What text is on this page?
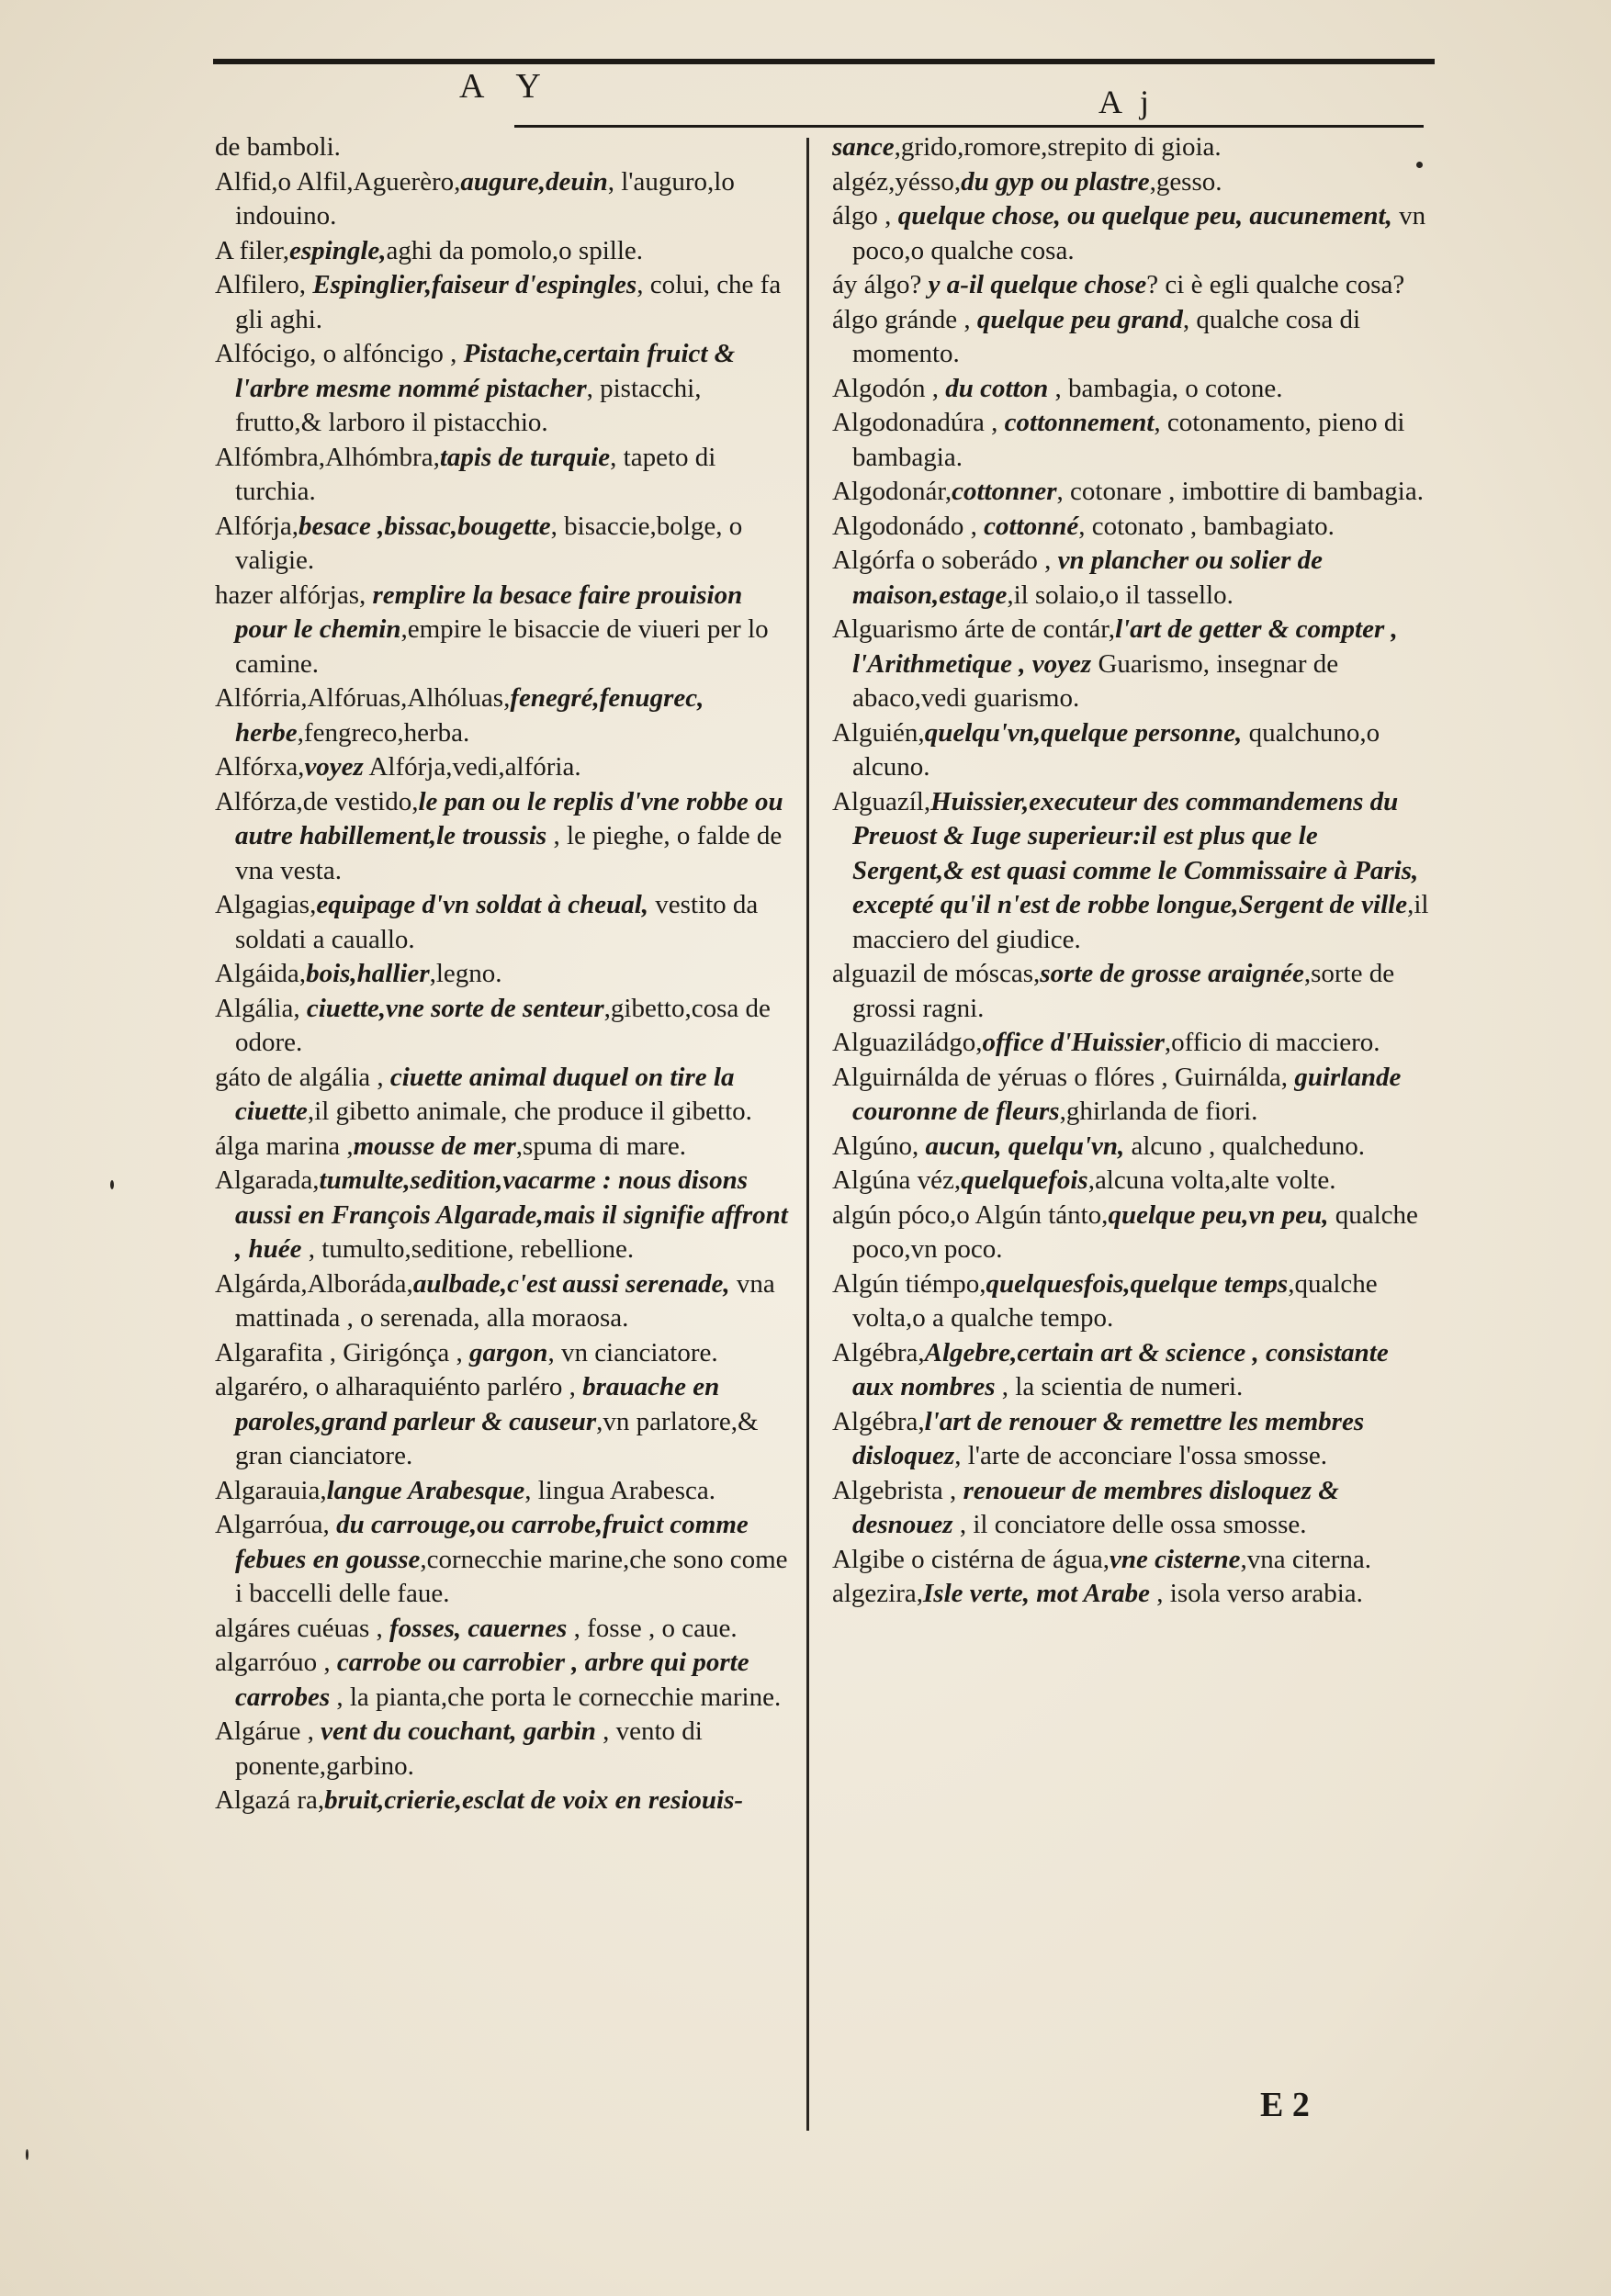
A Y	A j

de bamboli.

Alfid,o Alfil,Aguerèro,augure,deuin, l'auguro,lo indouino.

A filer,espingle,aghi da pomolo,o spille.

Alfilero, Espinglier,faiseur d'espingles, colui, che fa gli aghi.

Alfócigo, o alfóncigo , Pistache,certain fruict & l'arbre mesme nommé pistacher, pistacchi, frutto,& larboro il pistacchio.

Alfómbra,Alhómbra,tapis de turquie, tapeto di turchia.

Alfórja,besace ,bissac,bougette, bisaccie,bolge, o valigie.

hazer alfórjas, remplire la besace faire prouision pour le chemin,empire le bisaccie de viueri per lo camine.

Alfórria,Alfóruas,Alhóluas,fenegré,fenugrec, herbe,fengreco,herba.

Alfórxa,voyez Alfórja,vedi,alfória.

Alfórza,de vestido,le pan ou le replis d'vne robbe ou autre habillement,le troussis , le pieghe, o falde de vna vesta.

Algagias,equipage d'vn soldat à cheual, vestito da soldati a cauallo.

Algáida,bois,hallier,legno.

Algália, ciuette,vne sorte de senteur,gibetto,cosa de odore.

gáto de algália , ciuette animal duquel on tire la ciuette,il gibetto animale, che produce il gibetto.

álga marina ,mousse de mer,spuma di mare.

Algarada,tumulte,sedition,vacarme : nous disons aussi en François Algarade,mais il signifie affront , huée , tumulto,seditione, rebellione.

Algárda,Alboráda,aulbade,c'est aussi serenade, vna mattinada , o serenada, alla moraosa.

Algarafita , Girigónça , gargon, vn cianciatore.

algaréro, o alharaquiénto parléro , brauache en paroles,grand parleur & causeur,vn parlatore,& gran cianciatore.

Algarauia,langue Arabesque, lingua Arabesca.

Algarróua, du carrouge,ou carrobe,fruict comme febues en gousse,cornecchie marine,che sono come i baccelli delle faue.

algáres cuéuas , fosses, cauernes , fosse , o caue.

algarróuo , carrobe ou carrobier , arbre qui porte carrobes , la pianta,che porta le cornecchie marine.

Algárue , vent du couchant, garbin , vento di ponente,garbino.

Algazá ra,bruit,crierie,esclat de voix en resiouis-

sance,grido,romore,strepito di gioia.

algéz,yésso,du gyp ou plastre,gesso.

álgo , quelque chose, ou quelque peu, aucunement, vn poco,o qualche cosa.

áy álgo? y a-il quelque chose? ci è egli qualche cosa?

álgo gránde , quelque peu grand, qualche cosa di momento.

Algodón , du cotton , bambagia, o cotone.

Algodonadúra , cottonnement, cotonamento, pieno di bambagia.

Algodonár,cottonner, cotonare , imbottire di bambagia.

Algodonádo , cottonné, cotonato , bambagiato.

Algórfa o soberádo , vn plancher ou solier de maison,estage,il solaio,o il tassello.

Alguarismo árte de contár,l'art de getter & compter , l'Arithmetique , voyez Guarismo, insegnar de abaco,vedi guarismo.

Alguién,quelqu'vn,quelque personne, qualchuno,o alcuno.

Alguazíl,Huissier,executeur des commandemens du Preuost & Iuge superieur:il est plus que le Sergent,& est quasi comme le Commissaire à Paris, excepté qu'il n'est de robbe longue,Sergent de ville,il macciero del giudice.

alguazil de móscas,sorte de grosse araignée,sorte de grossi ragni.

Alguaziládgo,office d'Huissier,officio di macciero.

Alguirnálda de yéruas o flóres , Guirnálda, guirlande couronne de fleurs,ghirlanda de fiori.

Algúno, aucun, quelqu'vn, alcuno , qualcheduno.

Algúna véz,quelquefois,alcuna volta,alte volte.

algún póco,o Algún tánto,quelque peu,vn peu, qualche poco,vn poco.

Algún tiémpo,quelquesfois,quelque temps,qualche volta,o a qualche tempo.

Algébra,Algebre,certain art & science , consistante aux nombres , la scientia de numeri.

Algébra,l'art de renouer & remettre les membres disloquez, l'arte de acconciare l'ossa smosse.

Algebrista , renoueur de membres disloquez & desnouez , il conciatore delle ossa smosse.

Algibe o cistérna de água,vne cisterne,vna citerna.

algezira,Isle verte, mot Arabe , isola verso arabia.

E 2
